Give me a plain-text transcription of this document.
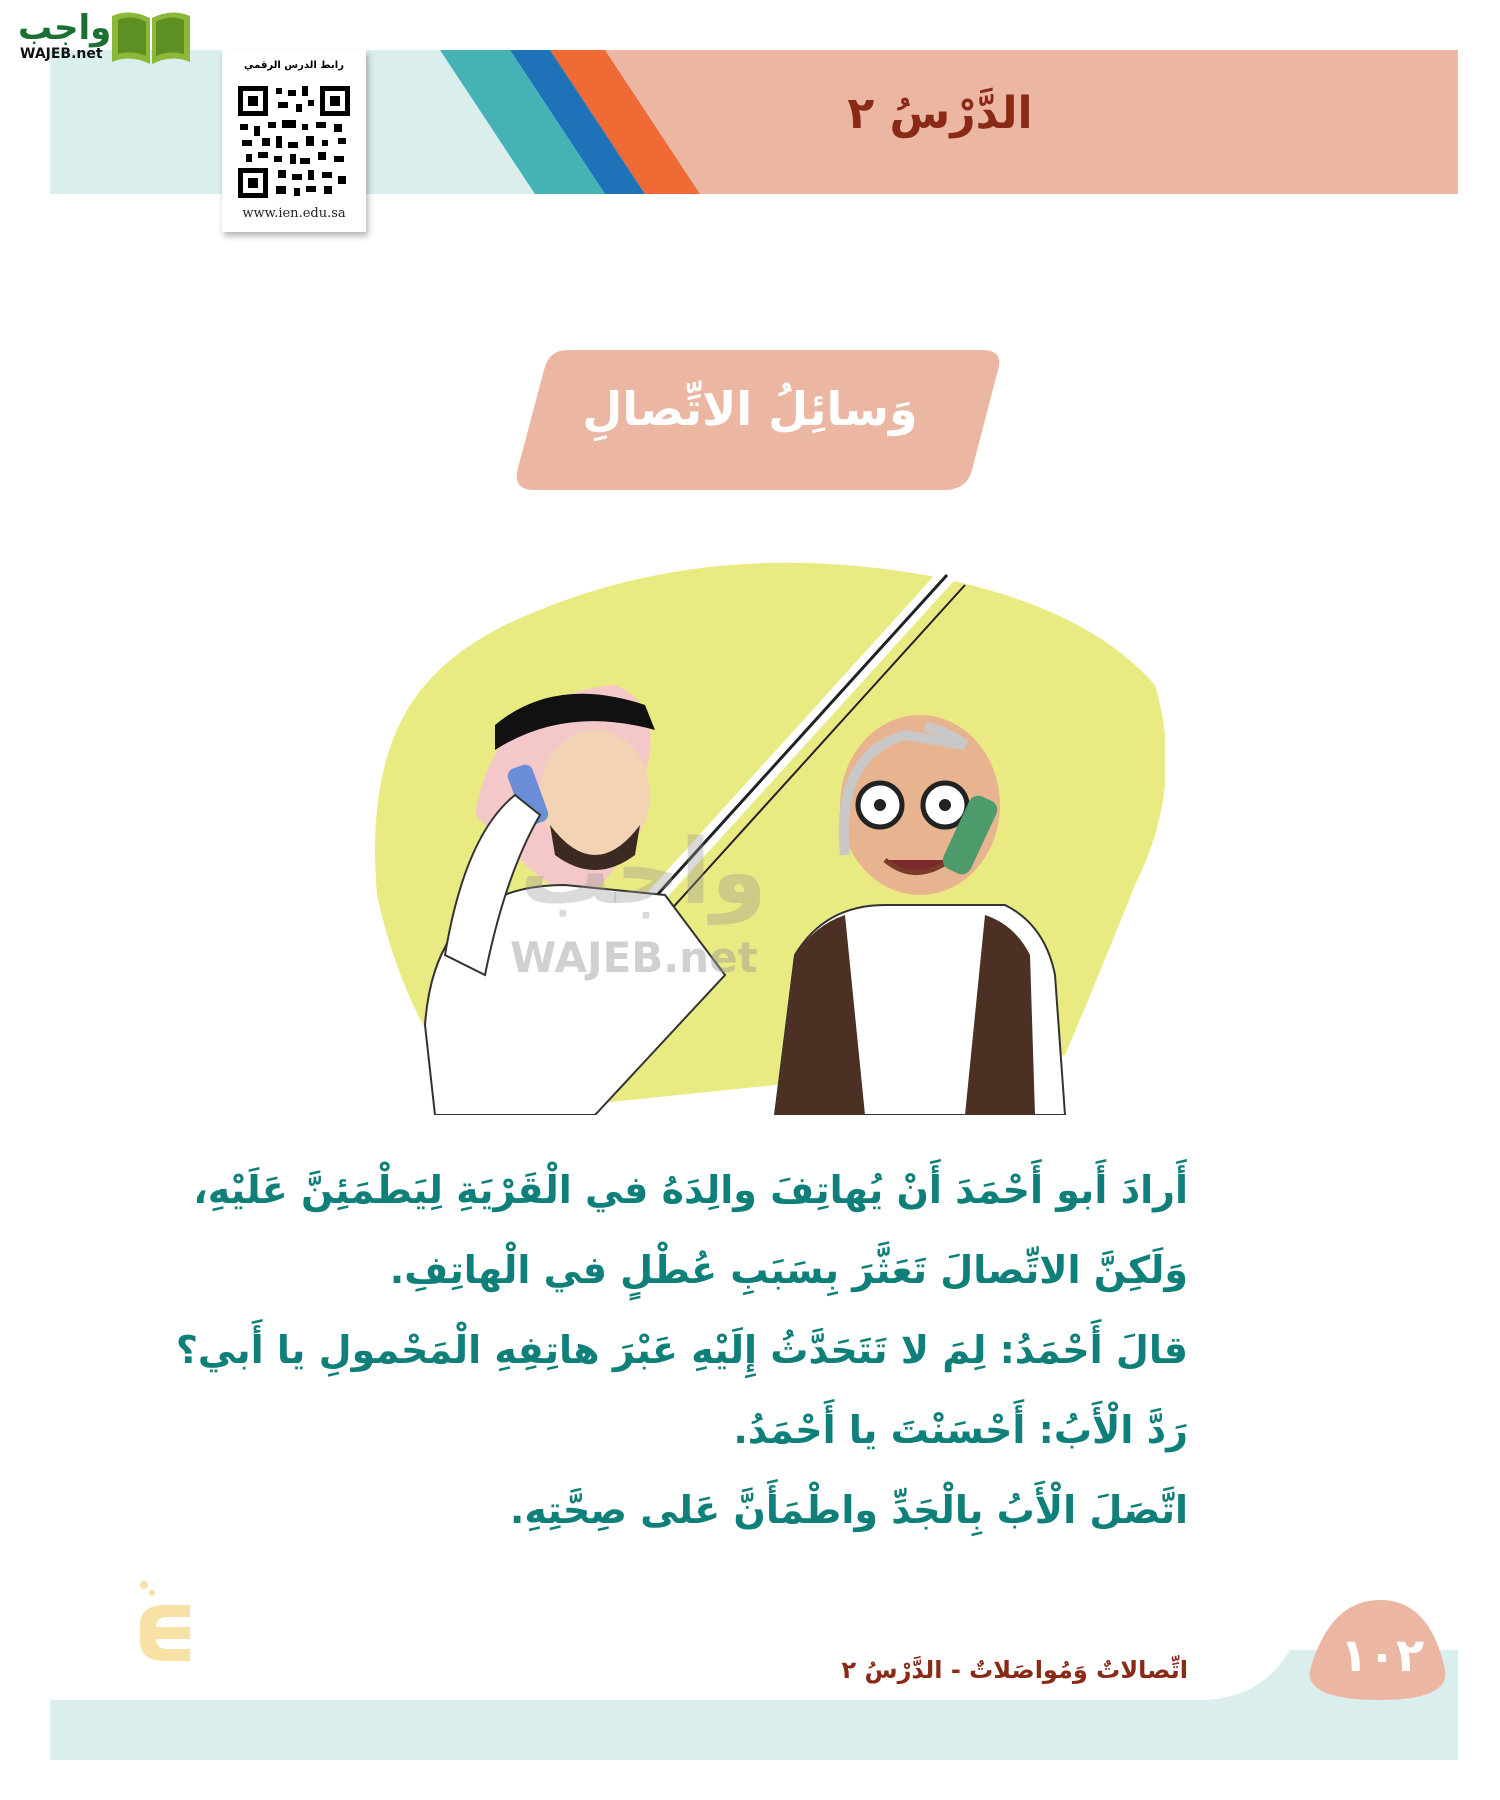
الدَّرْسُ ٢
رابط الدرس الرقمي
www.ien.edu.sa
واجب
WAJEB.net
وَسائِلُ الاتِّصالِ
واجب
WAJEB.net
أَرادَ أَبو أَحْمَدَ أَنْ يُهاتِفَ والِدَهُ في الْقَرْيَةِ لِيَطْمَئِنَّ عَلَيْهِ،
وَلَكِنَّ الاتِّصالَ تَعَثَّرَ بِسَبَبِ عُطْلٍ في الْهاتِفِ.
قالَ أَحْمَدُ: لِمَ لا تَتَحَدَّثُ إِلَيْهِ عَبْرَ هاتِفِهِ الْمَحْمولِ يا أَبي؟
رَدَّ الْأَبُ: أَحْسَنْتَ يا أَحْمَدُ.
اتَّصَلَ الْأَبُ بِالْجَدِّ واطْمَأَنَّ عَلى صِحَّتِهِ.
١٠٢
اتِّصالاتٌ وَمُواصَلاتٌ - الدَّرْسُ ٢
